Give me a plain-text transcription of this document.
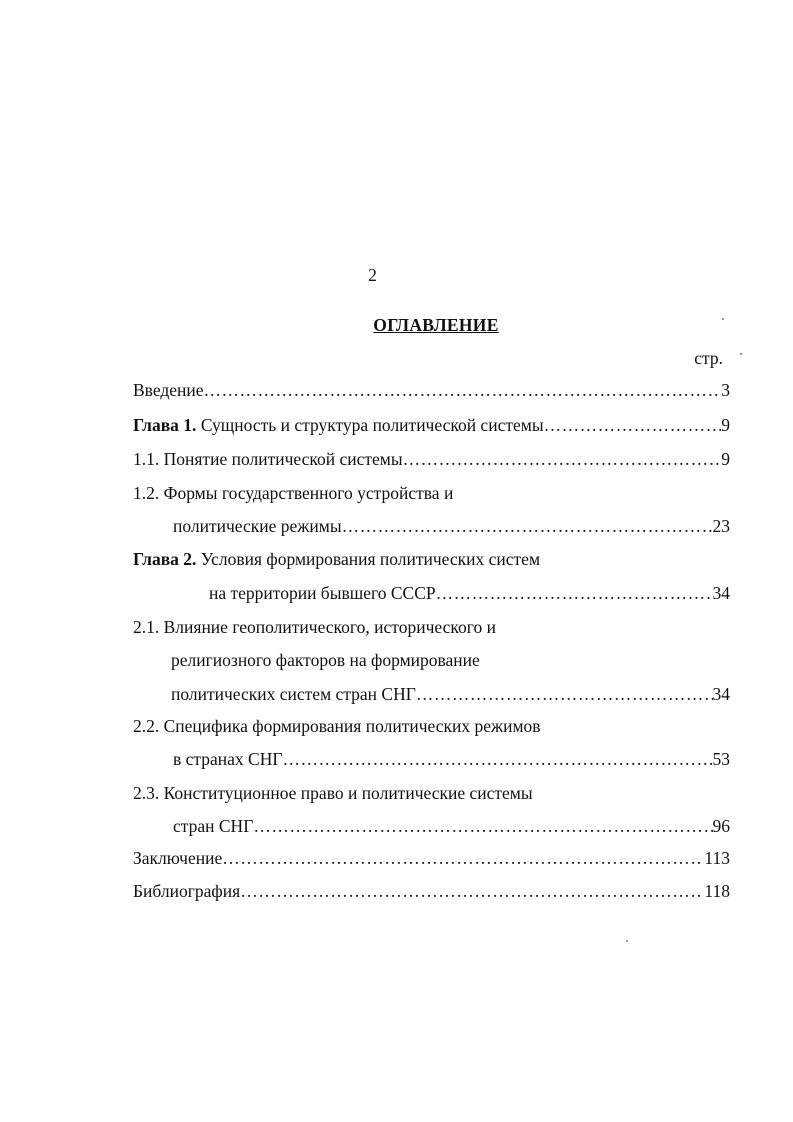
2
ОГЛАВЛЕНИЕ
стр.
Введение …………………………………………………………………………………………………………………………………………	3
Глава 1. Сущность и структура политической системы …………………………………………………………………………………………………………………………………………	9
1.1. Понятие политической системы …………………………………………………………………………………………………………………………………………	9
1.2. Формы государственного устройства и
политические режимы …………………………………………………………………………………………………………………………………………	23
Глава 2. Условия формирования политических систем
на территории бывшего СССР …………………………………………………………………………………………………………………………………………	34
2.1. Влияние геополитического, исторического и
религиозного факторов на формирование
политических систем стран СНГ …………………………………………………………………………………………………………………………………………	34
2.2. Специфика формирования политических режимов
в странах СНГ …………………………………………………………………………………………………………………………………………	53
2.3. Конституционное право и политические системы
стран СНГ …………………………………………………………………………………………………………………………………………	96
Заключение …………………………………………………………………………………………………………………………………………	113
Библиография …………………………………………………………………………………………………………………………………………	118
